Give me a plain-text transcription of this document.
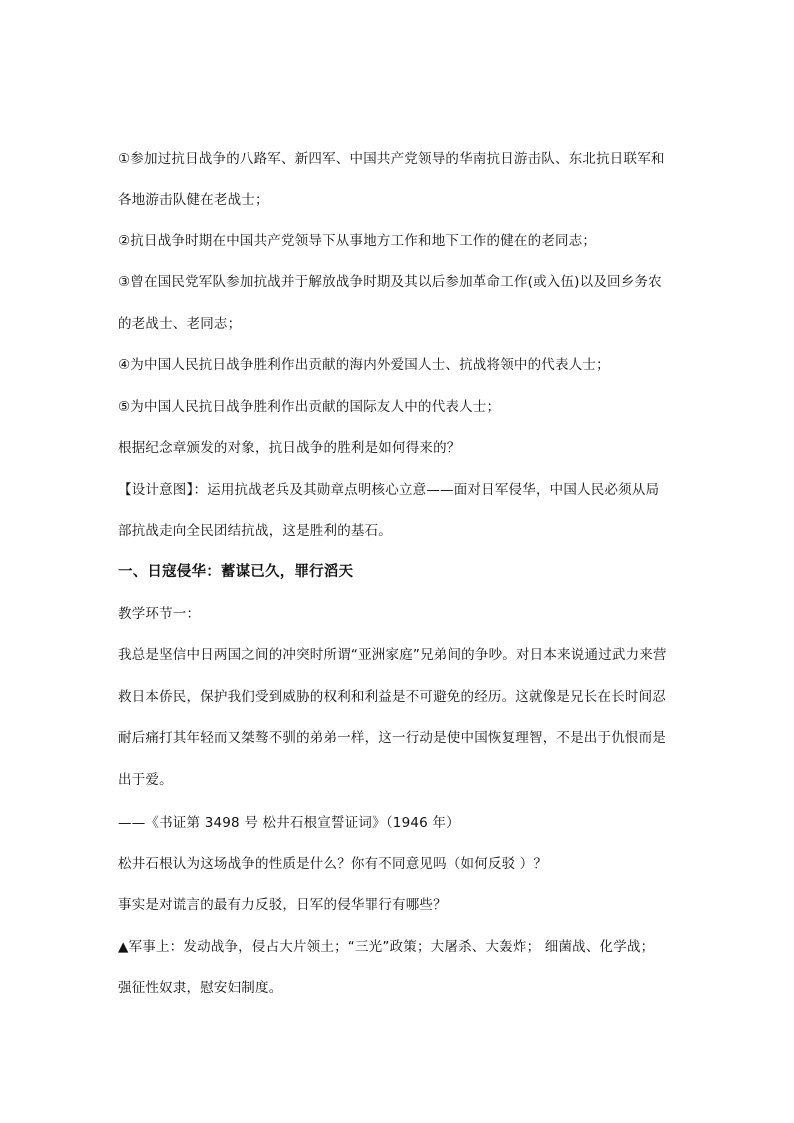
①参加过抗日战争的八路军、新四军、中国共产党领导的华南抗日游击队、东北抗日联军和
各地游击队健在老战士；
②抗日战争时期在中国共产党领导下从事地方工作和地下工作的健在的老同志；
③曾在国民党军队参加抗战并于解放战争时期及其以后参加革命工作(或入伍)以及回乡务农
的老战士、老同志；
④为中国人民抗日战争胜利作出贡献的海内外爱国人士、抗战将领中的代表人士；
⑤为中国人民抗日战争胜利作出贡献的国际友人中的代表人士；
根据纪念章颁发的对象，抗日战争的胜利是如何得来的？
【设计意图】：运用抗战老兵及其勋章点明核心立意——面对日军侵华，中国人民必须从局
部抗战走向全民团结抗战，这是胜利的基石。
一、日寇侵华：蓄谋已久，罪行滔天
教学环节一：
我总是坚信中日两国之间的冲突时所谓“亚洲家庭”兄弟间的争吵。对日本来说通过武力来营
救日本侨民，保护我们受到威胁的权利和利益是不可避免的经历。这就像是兄长在长时间忍
耐后痛打其年轻而又桀骜不驯的弟弟一样，这一行动是使中国恢复理智，不是出于仇恨而是
出于爱。
——《书证第 3498 号 松井石根宣誓证词》（1946 年）
松井石根认为这场战争的性质是什么？你有不同意见吗（如何反驳 ）？
事实是对谎言的最有力反驳，日军的侵华罪行有哪些？
▲军事上：发动战争，侵占大片领土；“三光”政策；大屠杀、大轰炸； 细菌战、化学战；
强征性奴隶，慰安妇制度。
